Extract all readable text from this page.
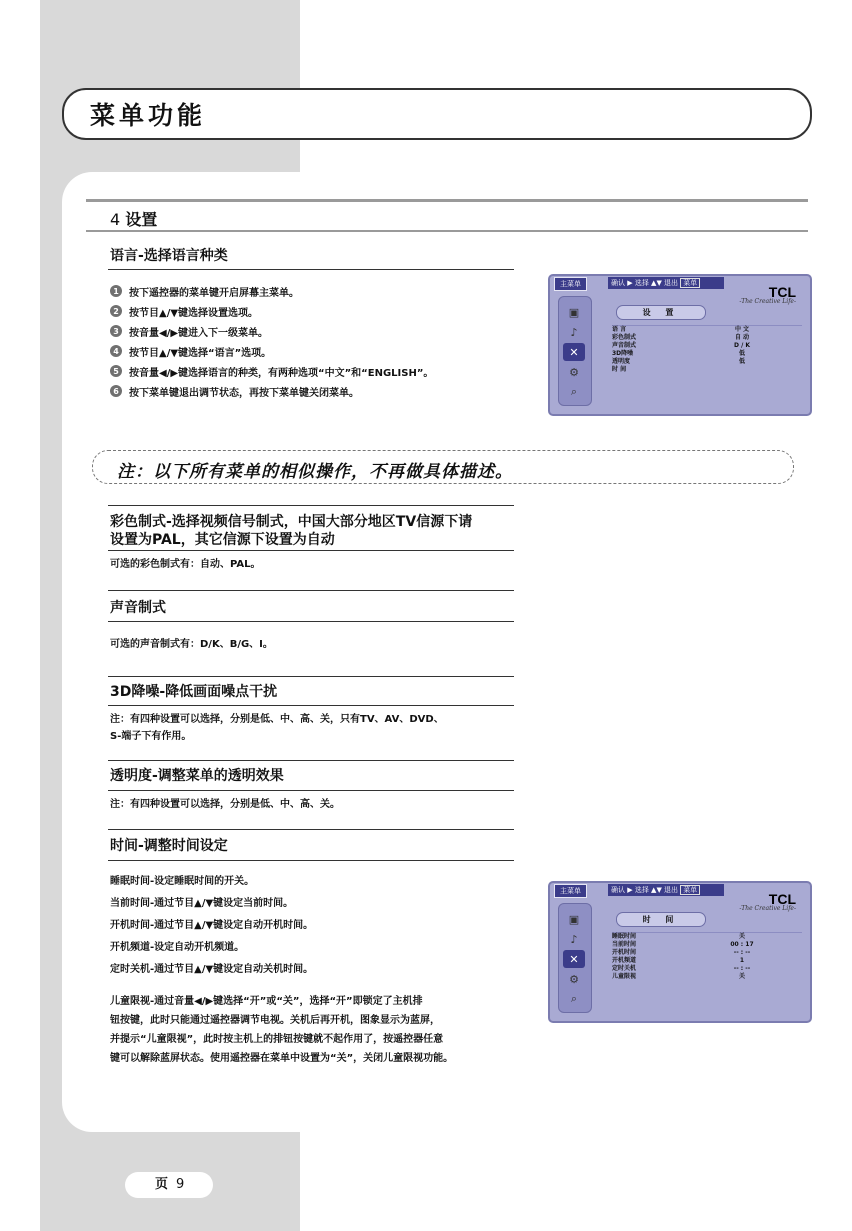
菜单功能
4 设置
语言-选择语言种类
1	按下遥控器的菜单键开启屏幕主菜单。
2	按节目▲/▼键选择设置选项。
3	按音量◀/▶键进入下一级菜单。
4	按节目▲/▼键选择“语言”选项。
5	按音量◀/▶键选择语言的种类，有两种选项“中文”和“ENGLISH”。
6	按下菜单键退出调节状态，再按下菜单键关闭菜单。
主菜单	确认 ▶ 选择 ▲▼ 退出 菜单
TCL
-The Creative Life-
▣
♪
✕
⚙
⌕
设 置
语 言	中 文
彩色制式	自 动
声音制式	D / K
3D降噪	低
透明度	低
时 间
注：以下所有菜单的相似操作，不再做具体描述。
彩色制式-选择视频信号制式，中国大部分地区TV信源下请
设置为PAL，其它信源下设置为自动
可选的彩色制式有：自动、PAL。
声音制式
可选的声音制式有：D/K、B/G、I。
3D降噪-降低画面噪点干扰
注：有四种设置可以选择，分别是低、中、高、关，只有TV、AV、DVD、
S-端子下有作用。
透明度-调整菜单的透明效果
注：有四种设置可以选择，分别是低、中、高、关。
时间-调整时间设定
睡眠时间-设定睡眠时间的开关。
当前时间-通过节目▲/▼键设定当前时间。
开机时间-通过节目▲/▼键设定自动开机时间。
开机频道-设定自动开机频道。
定时关机-通过节目▲/▼键设定自动关机时间。
儿童限视-通过音量◀/▶键选择“开”或“关”，选择“开”即锁定了主机排
钮按键，此时只能通过遥控器调节电视。关机后再开机，图象显示为蓝屏，
并提示“儿童限视”，此时按主机上的排钮按键就不起作用了，按遥控器任意
键可以解除蓝屏状态。使用遥控器在菜单中设置为“关”，关闭儿童限视功能。
主菜单	确认 ▶ 选择 ▲▼ 退出 菜单
TCL
-The Creative Life-
▣
♪
✕
⚙
⌕
时 间
睡眠时间	关
当前时间	00 : 17
开机时间	-- : --
开机频道	1
定时关机	-- : --
儿童限视	关
页 9
